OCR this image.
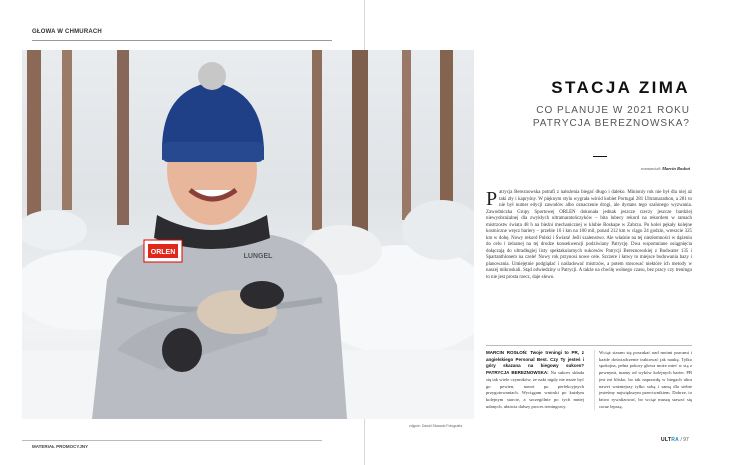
GŁOWA W CHMURACH
MATERIAŁ PROMOCYJNY
ORLEN
LUNGEL
zdjęcie: Dawid Skawski Fotografia
STACJA ZIMA
CO PLANUJE W 2021 ROKU
PATRYCJA BEREZNOWSKA?
rozmawiał: Marcin Rosłoń
P atrycja Bereznowska potrafi z nałożenia biegać długo i daleko. Minioniy rok nie był dla niej aż taki zły i kapryśny. W pięknym stylu wygrała wśród kobiet Portugal 281 Ultramarathon, a 281 to nie był numer edycji zawodów albo oznaczenie drogi, ale dystans tego szalonego wyzwania. Zawodniczka Grupy Sportowej ORLEN dokonała jednak jeszcze rzeczy jeszcze bardziej niewyobrażalnej dla zwykłych ultramaratończyków – bita lubecy rekord na rekordem w ramach mistrzostw świata 48 h na bieżni mechanicznej w klubie Roskape w Zabrzu. Po kolei pękały kolejne kosmiczne wręcz bariery – przebie 16 i km na 100 mil, ponad 212 km w ciągu 24 godzin, wreszcie 325 km w dobę. Nowy rekord Polski i Świata! Jeśli szalenstwo. Ale właśnie na tej niezłomności w dążeniu do celu i żelaznej na tej drodze konsekwencji podziwiany Patrycję. Dwa wspomniane osiągnięcia dołączają do ultradługiej listy spektakularnych sukcesów Patrycji Bereznowskiej z Budwater 135 i Spartanthlonem na czele! Nowy rok przynosi nowe cele. Szczere i łatwy to miejsce budowania bazy i planowania. Umiejętnie podglądać i naśladować mistrzów, a potem stosować niektóre ich metody w naszej mikroskali. Stąd odwiedziny u Patrycji. A także na chwilę wolnego czasu, bez pracy czy treningu to nie jest prosta rzecz, daje słowo.
MARCIN ROSŁOŃ: Twoje treningi to PR, z angielskiego Personal Best. Czy Ty jesteś i góry skazana na biegowy sukces? PATRYCJA BEREZNOWSKA: Na sukces składa się tak wiele czynników, że nakt nigdy nie może być go pewien, nawet po perfekcyjnych przygotowaniach. Wyciągam wnioski po każdym kolejnym starcie, a szczególnie po tych mniej udanych, ułatwia dalszy proces treningowy.
Wciąż staram się poszukać nad moimi pracami i każde doświadczenie traktować jak naukę. Tylko spokojna, pełna pokory głowa może mieć w sią z pewnymi, mamy od wyków kolejnych barier. PB jest mi blisko, bo tak naprawdę w biegach ultra nawet ważniejszy tylko sobą i samą dla siebie jesteśmy największym przeciwnikiem. Dobrze, to łatwo rywalizować, bo wciąż muszę stawać się coraz lepszą.
ULTRA / 97
